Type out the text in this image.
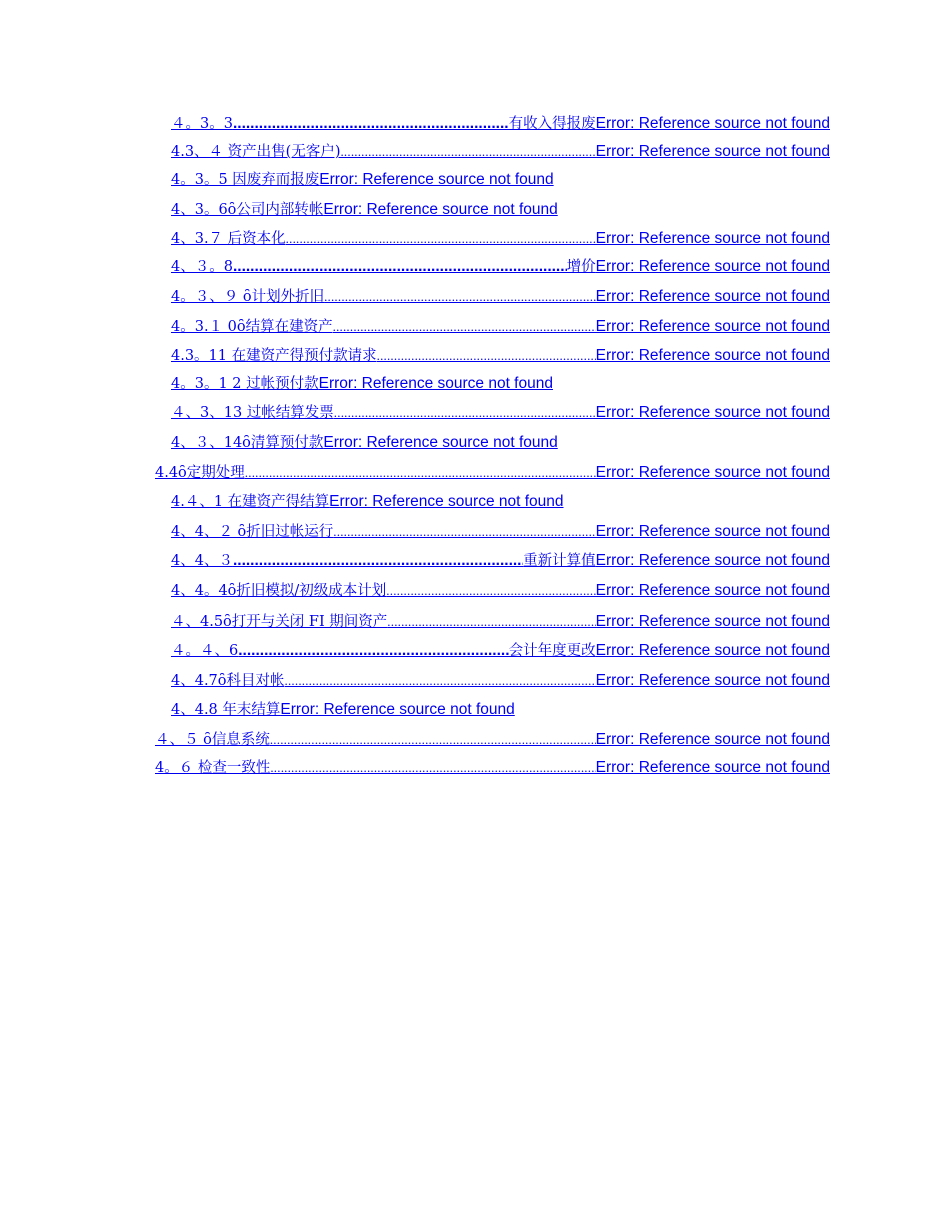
４。3。3 .....	有收入得报废 Error: Reference source not found
4.3、４ 资产出售(无客户) .....	Error: Reference source not found
4。3。5 因废弃而报废 Error: Reference source not found
4、3。6ȏ公司内部转帐 Error: Reference source not found
4、3.７ 后资本化 .....	Error: Reference source not found
4、３。8 .....	增价 Error: Reference source not found
4。３、９ ȏ计划外折旧 .....	Error: Reference source not found
4。3.１ 0ȏ结算在建资产 .....	Error: Reference source not found
4.3。11 在建资产得预付款请求 .....	Error: Reference source not found
4。3。1 2 过帐预付款 Error: Reference source not found
４、3、13 过帐结算发票 .....	Error: Reference source not found
4、３、14ȏ清算预付款 Error: Reference source not found
4.4ȏ定期处理 .....	Error: Reference source not found
4.４、1 在建资产得结算 Error: Reference source not found
4、4、２ ȏ折旧过帐运行 .....	Error: Reference source not found
4、4、３ .....	重新计算值 Error: Reference source not found
4、4。4ȏ折旧模拟/初级成本计划 .....	Error: Reference source not found
４、4.5ȏ打开与关闭 FI 期间资产 .....	Error: Reference source not found
４。４、6 .....	会计年度更改 Error: Reference source not found
4、4.7ȏ科目对帐 .....	Error: Reference source not found
4、4.8 年末结算 Error: Reference source not found
４、５ ȏ信息系统 .....	Error: Reference source not found
4。６ 检查一致性 .....	Error: Reference source not found
